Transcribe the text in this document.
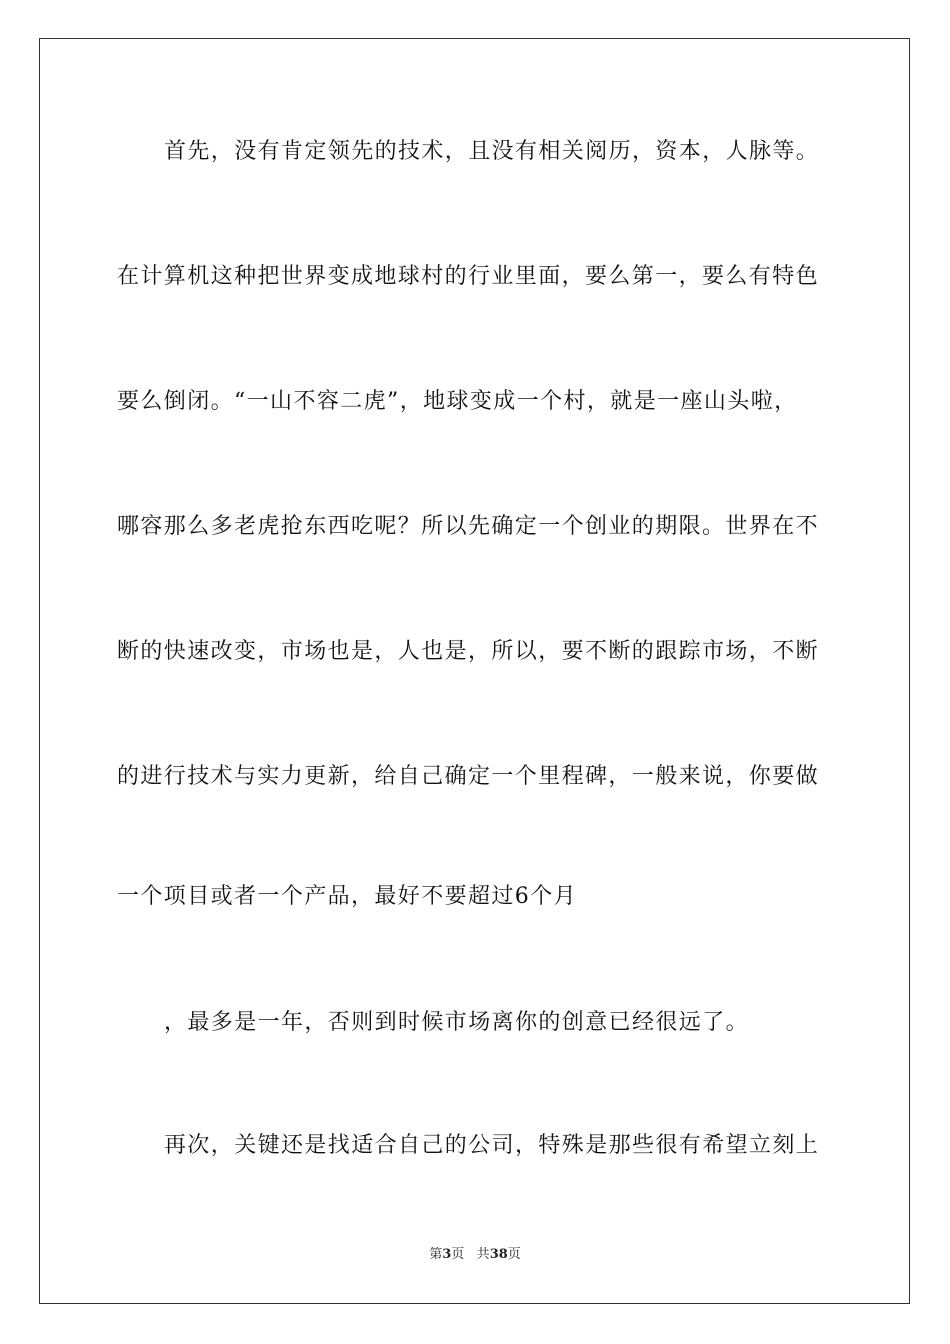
首先，没有肯定领先的技术，且没有相关阅历，资本，人脉等。
在计算机这种把世界变成地球村的行业里面，要么第一，要么有特色
要么倒闭。“一山不容二虎”，地球变成一个村，就是一座山头啦，
哪容那么多老虎抢东西吃呢？所以先确定一个创业的期限。世界在不
断的快速改变，市场也是，人也是，所以，要不断的跟踪市场，不断
的进行技术与实力更新，给自己确定一个里程碑，一般来说，你要做
一个项目或者一个产品，最好不要超过6个月
，最多是一年，否则到时候市场离你的创意已经很远了。
再次，关键还是找适合自己的公司，特殊是那些很有希望立刻上
第3页 共38页
